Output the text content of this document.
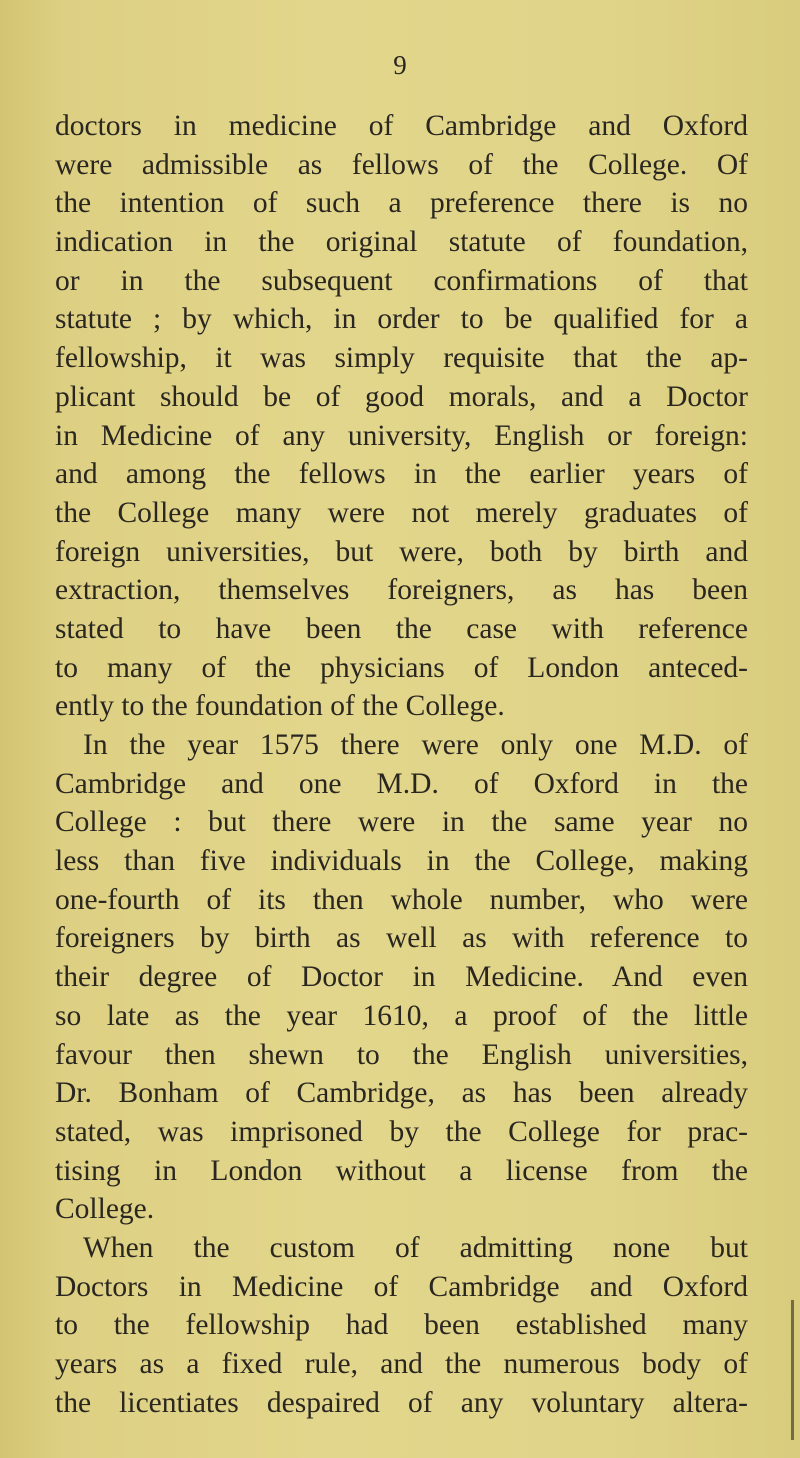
9
doctors in medicine of Cambridge and Oxford
were admissible as fellows of the College. Of
the intention of such a preference there is no
indication in the original statute of foundation,
or in the subsequent confirmations of that
statute ; by which, in order to be qualified for a
fellowship, it was simply requisite that the ap-
plicant should be of good morals, and a Doctor
in Medicine of any university, English or foreign:
and among the fellows in the earlier years of
the College many were not merely graduates of
foreign universities, but were, both by birth and
extraction, themselves foreigners, as has been
stated to have been the case with reference
to many of the physicians of London anteced-
ently to the foundation of the College.
In the year 1575 there were only one M.D. of
Cambridge and one M.D. of Oxford in the
College : but there were in the same year no
less than five individuals in the College, making
one-fourth of its then whole number, who were
foreigners by birth as well as with reference to
their degree of Doctor in Medicine. And even
so late as the year 1610, a proof of the little
favour then shewn to the English universities,
Dr. Bonham of Cambridge, as has been already
stated, was imprisoned by the College for prac-
tising in London without a license from the
College.
When the custom of admitting none but
Doctors in Medicine of Cambridge and Oxford
to the fellowship had been established many
years as a fixed rule, and the numerous body of
the licentiates despaired of any voluntary altera-
